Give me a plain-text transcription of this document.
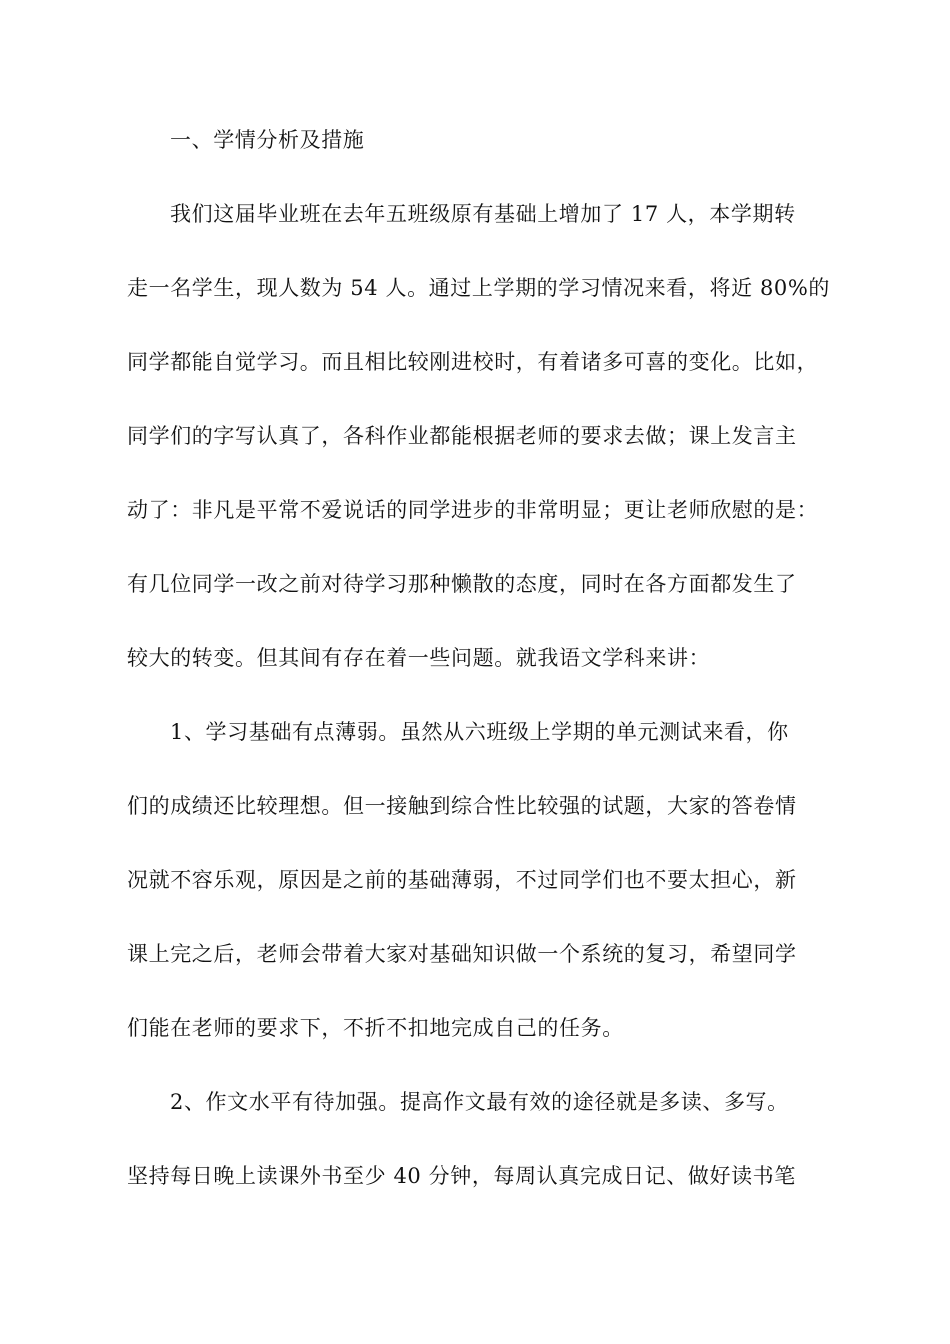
一、学情分析及措施
我们这届毕业班在去年五班级原有基础上增加了 17 人，本学期转
走一名学生，现人数为 54 人。通过上学期的学习情况来看，将近 80%的
同学都能自觉学习。而且相比较刚进校时，有着诸多可喜的变化。比如，
同学们的字写认真了，各科作业都能根据老师的要求去做；课上发言主
动了：非凡是平常不爱说话的同学进步的非常明显；更让老师欣慰的是：
有几位同学一改之前对待学习那种懒散的态度，同时在各方面都发生了
较大的转变。但其间有存在着一些问题。就我语文学科来讲：
1、学习基础有点薄弱。虽然从六班级上学期的单元测试来看，你
们的成绩还比较理想。但一接触到综合性比较强的试题，大家的答卷情
况就不容乐观，原因是之前的基础薄弱，不过同学们也不要太担心，新
课上完之后，老师会带着大家对基础知识做一个系统的复习，希望同学
们能在老师的要求下，不折不扣地完成自己的任务。
2、作文水平有待加强。提高作文最有效的途径就是多读、多写。
坚持每日晚上读课外书至少 40 分钟，每周认真完成日记、做好读书笔
